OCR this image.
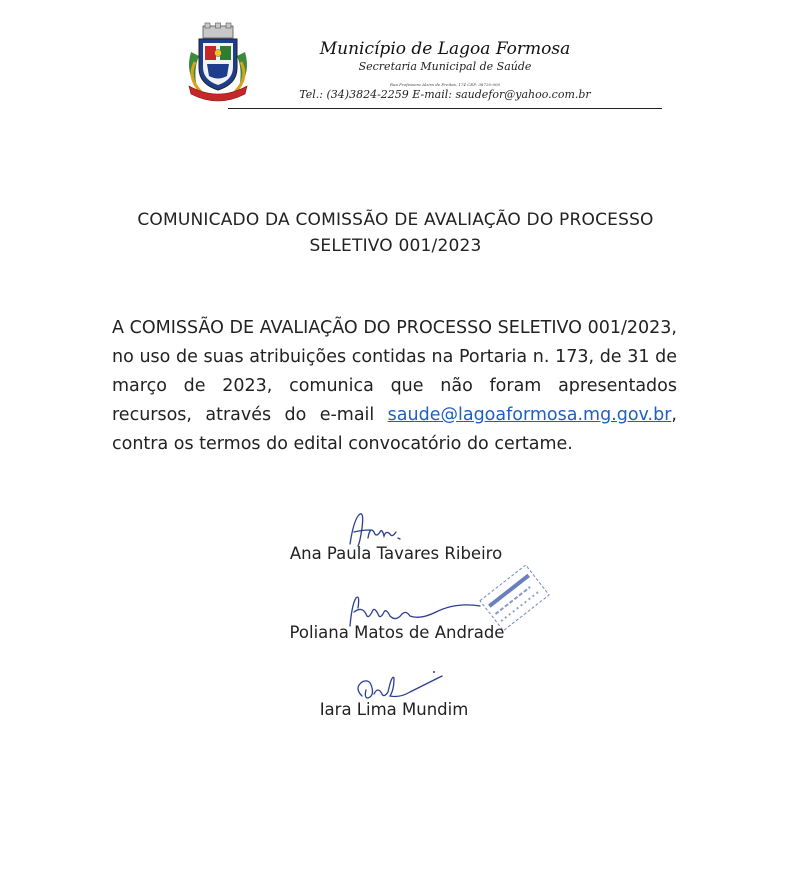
Município de Lagoa Formosa
Secretaria Municipal de Saúde
Rua Professora Alzira de Freitas, 174 CEP: 38720-000
Tel.: (34)3824-2259 E-mail: saudefor@yahoo.com.br
COMUNICADO DA COMISSÃO DE AVALIAÇÃO DO PROCESSO
SELETIVO 001/2023
A COMISSÃO DE AVALIAÇÃO DO PROCESSO SELETIVO 001/2023, no uso de suas atribuições contidas na Portaria n. 173, de 31 de março de 2023, comunica que não foram apresentados recursos, através do e-mail saude@lagoaformosa.mg.gov.br, contra os termos do edital convocatório do certame.
Ana Paula Tavares Ribeiro
Poliana Matos de Andrade
Iara Lima Mundim
